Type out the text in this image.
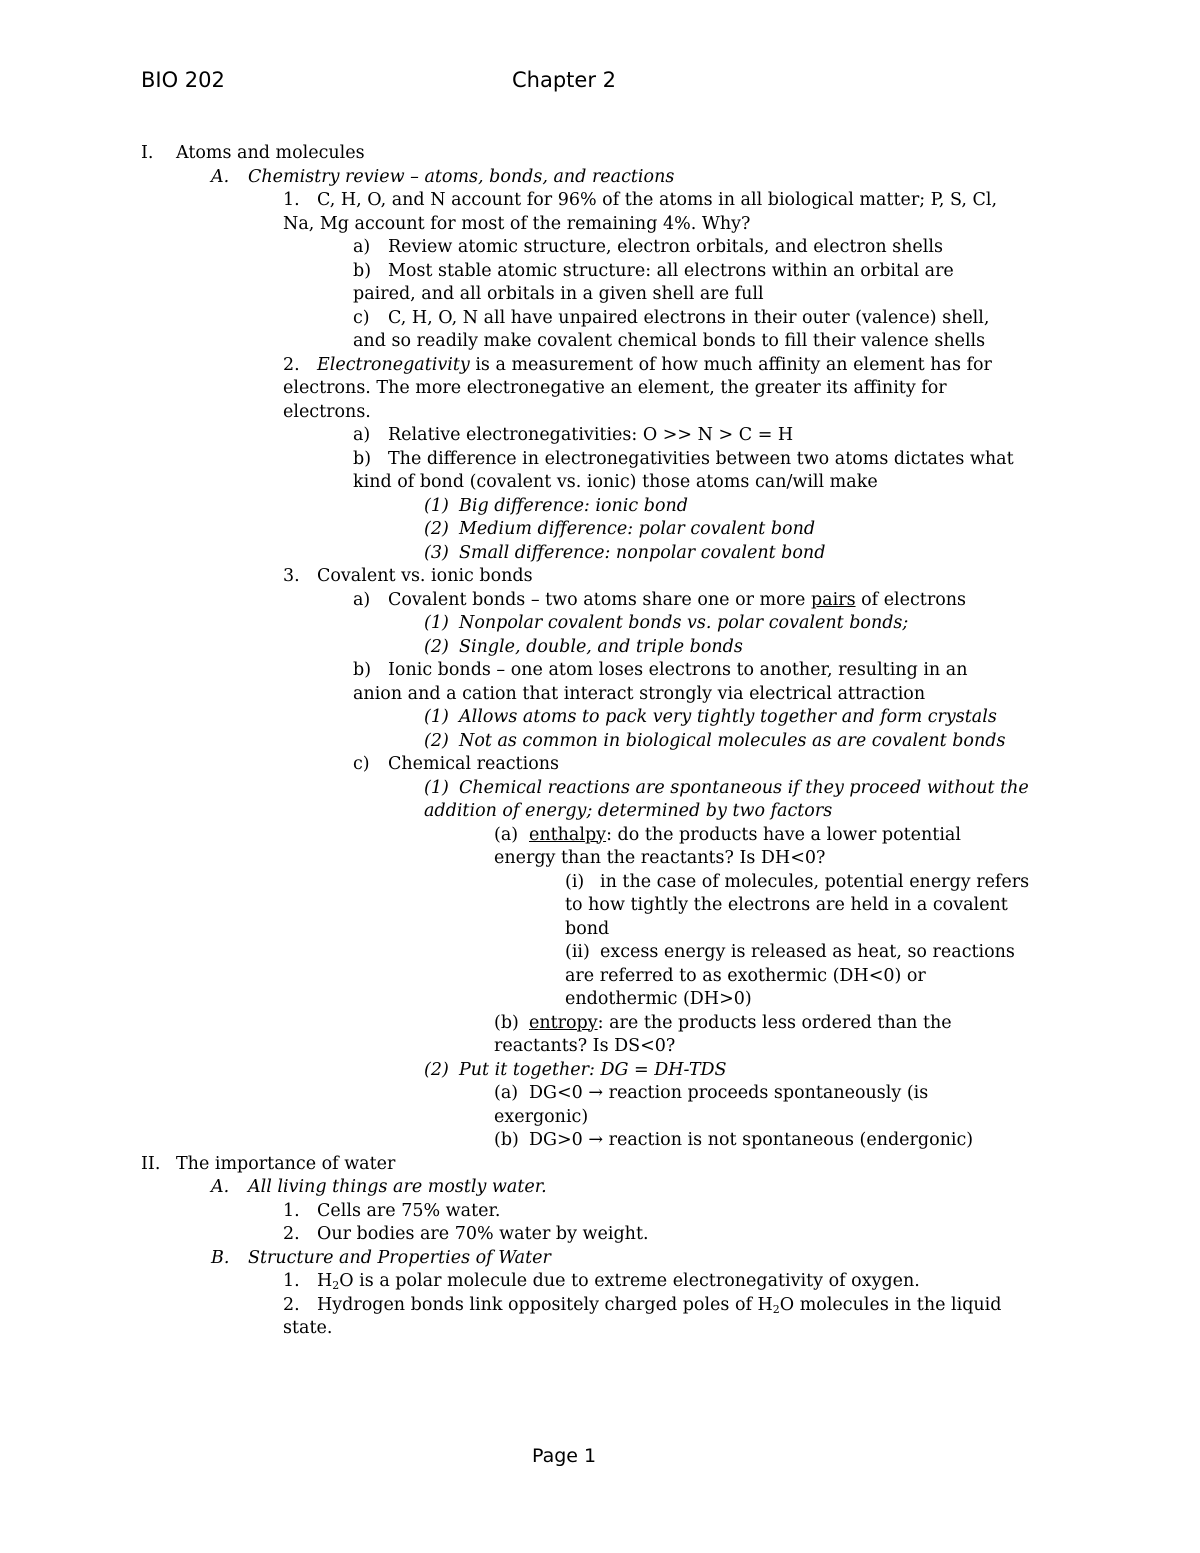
BIO 202	Chapter 2
I. Atoms and molecules
A. Chemistry review – atoms, bonds, and reactions
1. C, H, O, and N account for 96% of the atoms in all biological matter; P, S, Cl,
Na, Mg account for most of the remaining 4%. Why?
a) Review atomic structure, electron orbitals, and electron shells
b) Most stable atomic structure: all electrons within an orbital are
paired, and all orbitals in a given shell are full
c) C, H, O, N all have unpaired electrons in their outer (valence) shell,
and so readily make covalent chemical bonds to fill their valence shells
2. Electronegativity is a measurement of how much affinity an element has for
electrons. The more electronegative an element, the greater its affinity for
electrons.
a) Relative electronegativities: O >> N > C = H
b) The difference in electronegativities between two atoms dictates what
kind of bond (covalent vs. ionic) those atoms can/will make
(1) Big difference: ionic bond
(2) Medium difference: polar covalent bond
(3) Small difference: nonpolar covalent bond
3. Covalent vs. ionic bonds
a) Covalent bonds – two atoms share one or more pairs of electrons
(1) Nonpolar covalent bonds vs. polar covalent bonds;
(2) Single, double, and triple bonds
b) Ionic bonds – one atom loses electrons to another, resulting in an
anion and a cation that interact strongly via electrical attraction
(1) Allows atoms to pack very tightly together and form crystals
(2) Not as common in biological molecules as are covalent bonds
c) Chemical reactions
(1) Chemical reactions are spontaneous if they proceed without the
addition of energy; determined by two factors
(a) enthalpy: do the products have a lower potential
energy than the reactants? Is DH<0?
(i) in the case of molecules, potential energy refers
to how tightly the electrons are held in a covalent
bond
(ii) excess energy is released as heat, so reactions
are referred to as exothermic (DH<0) or
endothermic (DH>0)
(b) entropy: are the products less ordered than the
reactants? Is DS<0?
(2) Put it together: DG = DH-TDS
(a) DG<0 → reaction proceeds spontaneously (is
exergonic)
(b) DG>0 → reaction is not spontaneous (endergonic)
II. The importance of water
A. All living things are mostly water.
1. Cells are 75% water.
2. Our bodies are 70% water by weight.
B. Structure and Properties of Water
1. $H_2O$ is a polar molecule due to extreme electronegativity of oxygen.
2. Hydrogen bonds link oppositely charged poles of $H_2O$ molecules in the liquid
state.
Page 1
